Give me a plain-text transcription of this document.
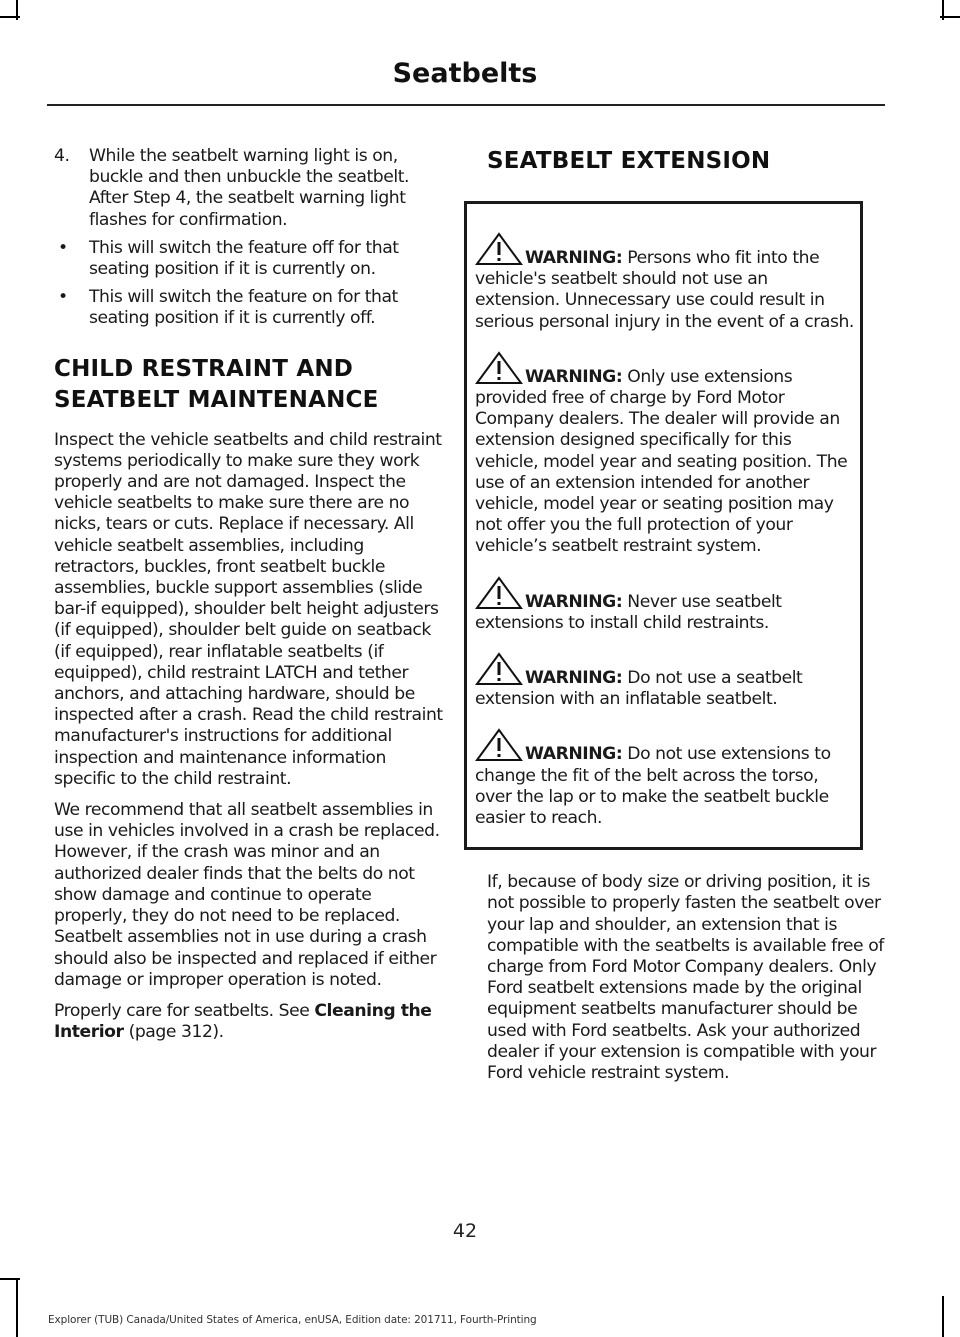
Seatbelts
4. While the seatbelt warning light is on, buckle and then unbuckle the seatbelt. After Step 4, the seatbelt warning light flashes for confirmation.
• This will switch the feature off for that seating position if it is currently on.
• This will switch the feature on for that seating position if it is currently off.
CHILD RESTRAINT AND
SEATBELT MAINTENANCE

Inspect the vehicle seatbelts and child restraint systems periodically to make sure they work properly and are not damaged. Inspect the vehicle seatbelts to make sure there are no nicks, tears or cuts. Replace if necessary. All vehicle seatbelt assemblies, including retractors, buckles, front seatbelt buckle assemblies, buckle support assemblies (slide bar-if equipped), shoulder belt height adjusters (if equipped), shoulder belt guide on seatback (if equipped), rear inflatable seatbelts (if equipped), child restraint LATCH and tether anchors, and attaching hardware, should be inspected after a crash. Read the child restraint manufacturer's instructions for additional inspection and maintenance information specific to the child restraint.

We recommend that all seatbelt assemblies in use in vehicles involved in a crash be replaced. However, if the crash was minor and an authorized dealer finds that the belts do not show damage and continue to operate properly, they do not need to be replaced. Seatbelt assemblies not in use during a crash should also be inspected and replaced if either damage or improper operation is noted.

Properly care for seatbelts. See Cleaning the Interior (page 312).

SEATBELT EXTENSION

WARNING: Persons who fit into the vehicle's seatbelt should not use an extension. Unnecessary use could result in serious personal injury in the event of a crash.

WARNING: Only use extensions provided free of charge by Ford Motor Company dealers. The dealer will provide an extension designed specifically for this vehicle, model year and seating position. The use of an extension intended for another vehicle, model year or seating position may not offer you the full protection of your vehicle’s seatbelt restraint system.

WARNING: Never use seatbelt extensions to install child restraints.

WARNING: Do not use a seatbelt extension with an inflatable seatbelt.

WARNING: Do not use extensions to change the fit of the belt across the torso, over the lap or to make the seatbelt buckle easier to reach.

If, because of body size or driving position, it is not possible to properly fasten the seatbelt over your lap and shoulder, an extension that is compatible with the seatbelts is available free of charge from Ford Motor Company dealers. Only Ford seatbelt extensions made by the original equipment seatbelts manufacturer should be used with Ford seatbelts. Ask your authorized dealer if your extension is compatible with your Ford vehicle restraint system.

42
Explorer (TUB) Canada/United States of America, enUSA, Edition date: 201711, Fourth-Printing
